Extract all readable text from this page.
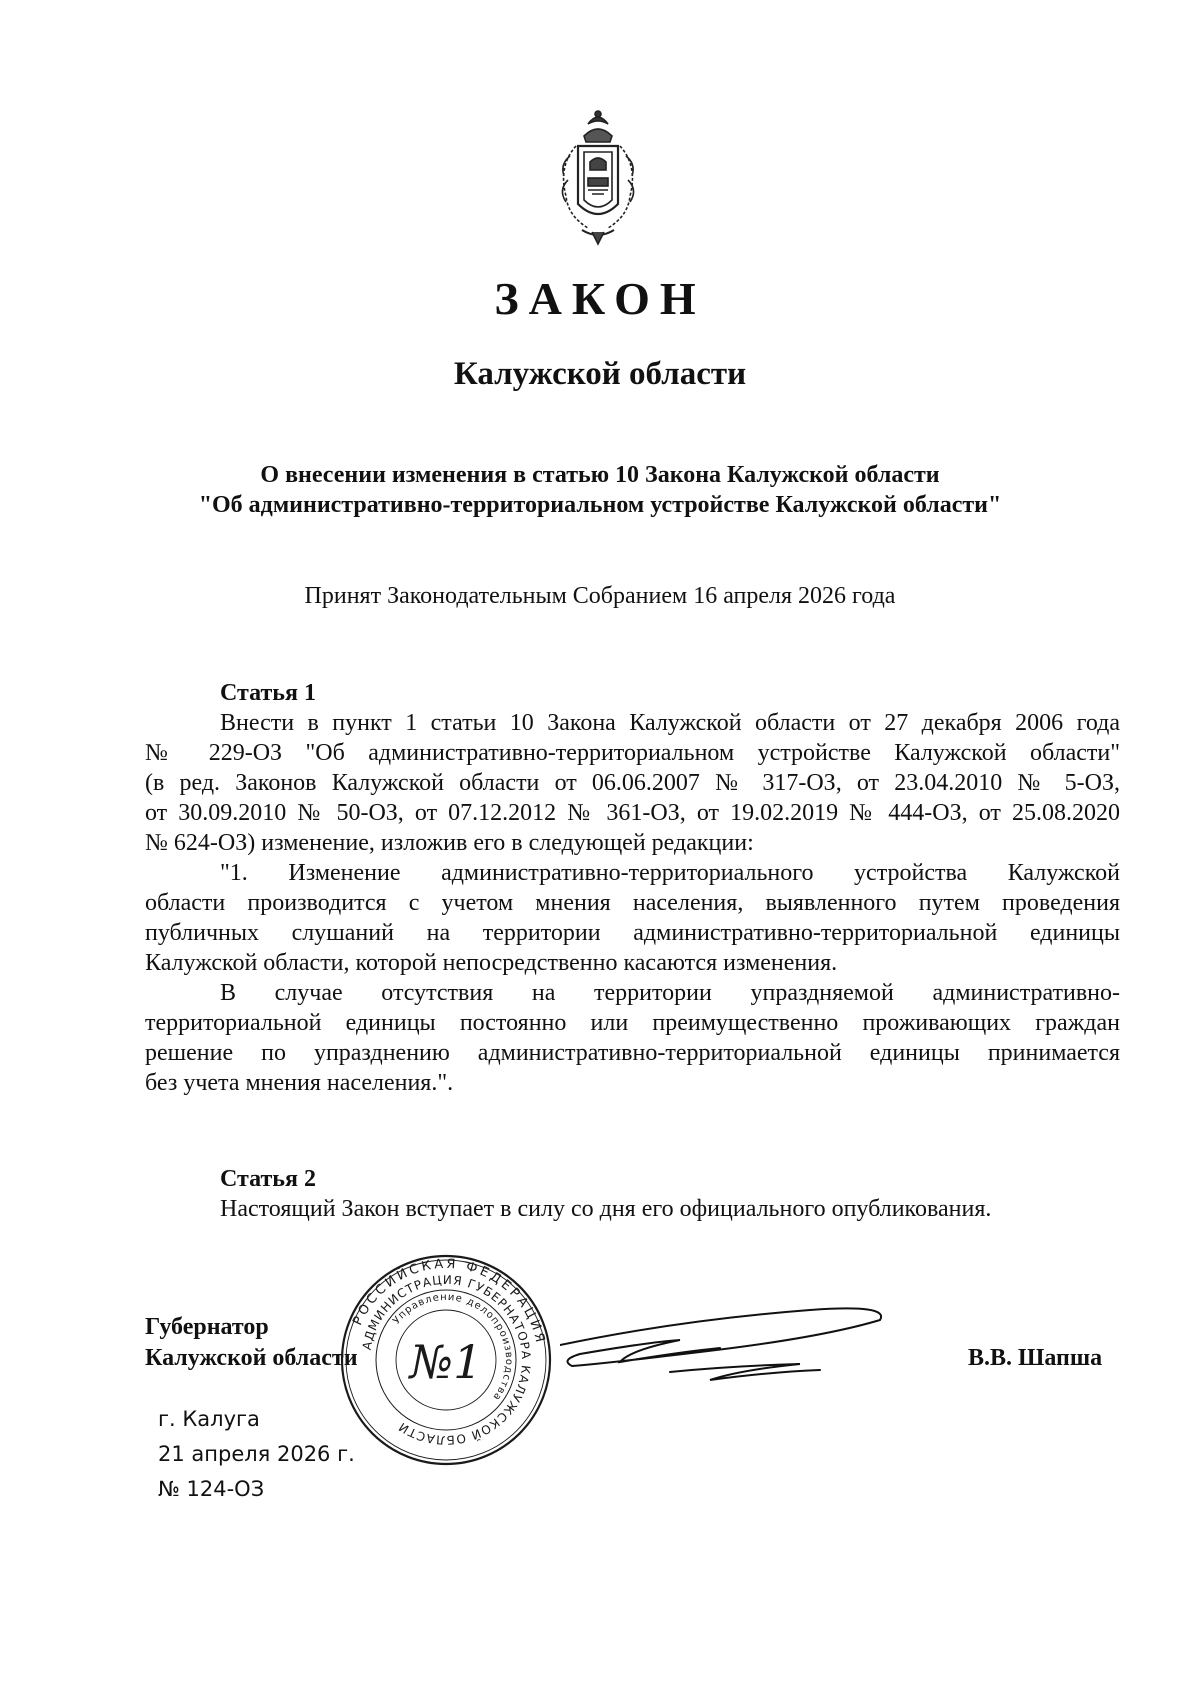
ЗАКОН
Калужской области
О внесении изменения в статью 10 Закона Калужской области
"Об административно-территориальном устройстве Калужской области"
Принят Законодательным Собранием 16 апреля 2026 года
Статья 1
Внести в пункт 1 статьи 10 Закона Калужской области от 27 декабря 2006 года
№ 229-ОЗ "Об административно-территориальном устройстве Калужской области"
(в ред. Законов Калужской области от 06.06.2007 № 317-ОЗ, от 23.04.2010 № 5-ОЗ,
от 30.09.2010 № 50-ОЗ, от 07.12.2012 № 361-ОЗ, от 19.02.2019 № 444-ОЗ, от 25.08.2020
№ 624-ОЗ) изменение, изложив его в следующей редакции:
"1. Изменение административно-территориального устройства Калужской
области производится с учетом мнения населения, выявленного путем проведения
публичных слушаний на территории административно-территориальной единицы
Калужской области, которой непосредственно касаются изменения.
В случае отсутствия на территории упраздняемой административно-
территориальной единицы постоянно или преимущественно проживающих граждан
решение по упразднению административно-территориальной единицы принимается
без учета мнения населения.".
Статья 2
Настоящий Закон вступает в силу со дня его официального опубликования.
Губернатор
Калужской области	В.В. Шапша
г. Калуга
21 апреля 2026 г.
№ 124-ОЗ
РОССИЙСКАЯ ФЕДЕРАЦИЯ
АДМИНИСТРАЦИЯ ГУБЕРНАТОРА КАЛУЖСКОЙ ОБЛАСТИ
Управление делопроизводства
№1
